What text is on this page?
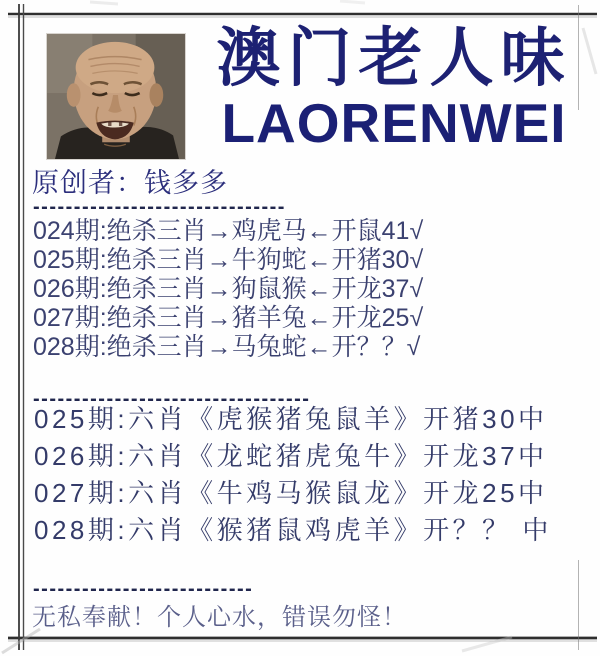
澳门老人味
LAORENWEI
原创者：钱多多
-------------------------------
024期:绝杀三肖→鸡虎马←开鼠41√
025期:绝杀三肖→牛狗蛇←开猪30√
026期:绝杀三肖→狗鼠猴←开龙37√
027期:绝杀三肖→猪羊兔←开龙25√
028期:绝杀三肖→马兔蛇←开？？√
----------------------------------
025期:六肖《虎猴猪兔鼠羊》开猪30中
026期:六肖《龙蛇猪虎兔牛》开龙37中
027期:六肖《牛鸡马猴鼠龙》开龙25中
028期:六肖《猴猪鼠鸡虎羊》开？？ 中
---------------------------
无私奉献！个人心水，错误勿怪！
